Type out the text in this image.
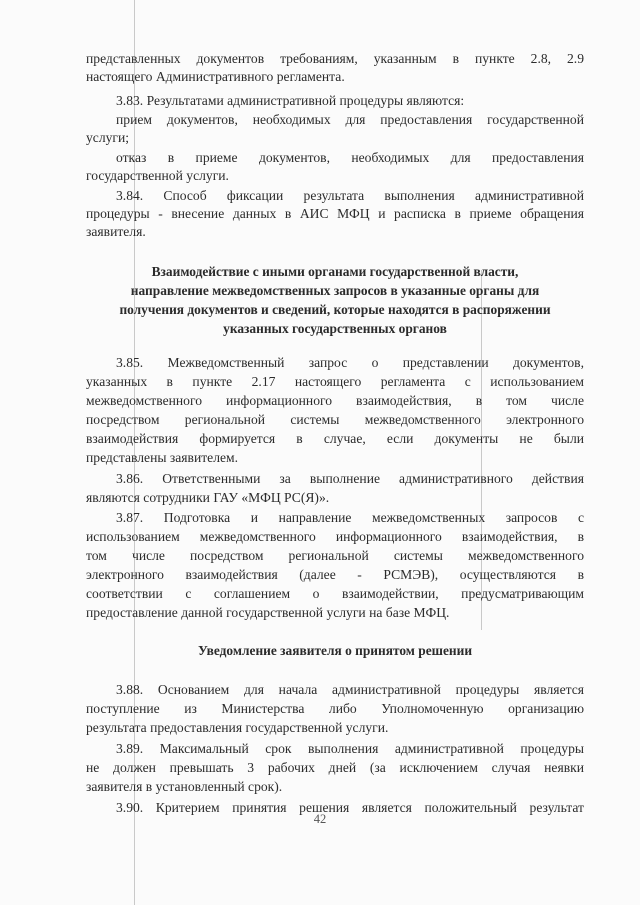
представленных документов требованиям, указанным в пункте 2.8, 2.9
настоящего Административного регламента.
3.83. Результатами административной процедуры являются:
прием документов, необходимых для предоставления государственной
услуги;
отказ в приеме документов, необходимых для предоставления
государственной услуги.
3.84. Способ фиксации результата выполнения административной
процедуры - внесение данных в АИС МФЦ и расписка в приеме обращения
заявителя.
Взаимодействие с иными органами государственной власти,
направление межведомственных запросов в указанные органы для
получения документов и сведений, которые находятся в распоряжении
указанных государственных органов
3.85. Межведомственный запрос о представлении документов,
указанных в пункте 2.17 настоящего регламента с использованием
межведомственного информационного взаимодействия, в том числе
посредством региональной системы межведомственного электронного
взаимодействия формируется в случае, если документы не были
представлены заявителем.
3.86. Ответственными за выполнение административного действия
являются сотрудники ГАУ «МФЦ РС(Я)».
3.87. Подготовка и направление межведомственных запросов с
использованием межведомственного информационного взаимодействия, в
том числе посредством региональной системы межведомственного
электронного взаимодействия (далее - РСМЭВ), осуществляются в
соответствии с соглашением о взаимодействии, предусматривающим
предоставление данной государственной услуги на базе МФЦ.
Уведомление заявителя о принятом решении
3.88. Основанием для начала административной процедуры является
поступление из Министерства либо Уполномоченную организацию
результата предоставления государственной услуги.
3.89. Максимальный срок выполнения административной процедуры
не должен превышать 3 рабочих дней (за исключением случая неявки
заявителя в установленный срок).
3.90. Критерием принятия решения является положительный результат
42
